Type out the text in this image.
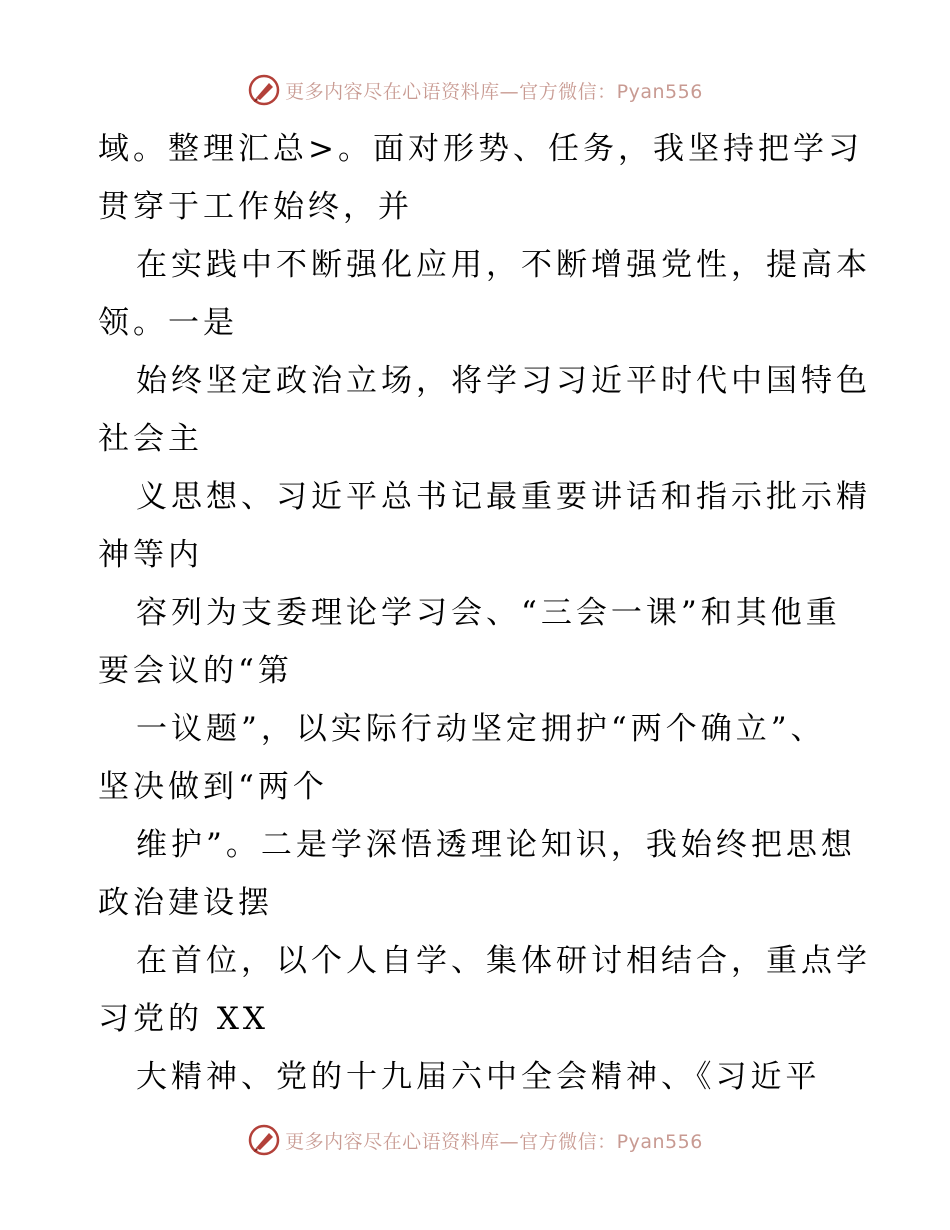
更多内容尽在心语资料库—官方微信：Pyan556
域。整理汇总>。面对形势、任务，我坚持把学习
贯穿于工作始终，并
在实践中不断强化应用，不断增强党性，提高本
领。一是
始终坚定政治立场，将学习习近平时代中国特色
社会主
义思想、习近平总书记最重要讲话和指示批示精
神等内
容列为支委理论学习会、“三会一课”和其他重
要会议的“第
一议题”，以实际行动坚定拥护“两个确立”、
坚决做到“两个
维护”。二是学深悟透理论知识，我始终把思想
政治建设摆
在首位，以个人自学、集体研讨相结合，重点学
习党的 XX
大精神、党的十九届六中全会精神、《习近平
更多内容尽在心语资料库—官方微信：Pyan556
